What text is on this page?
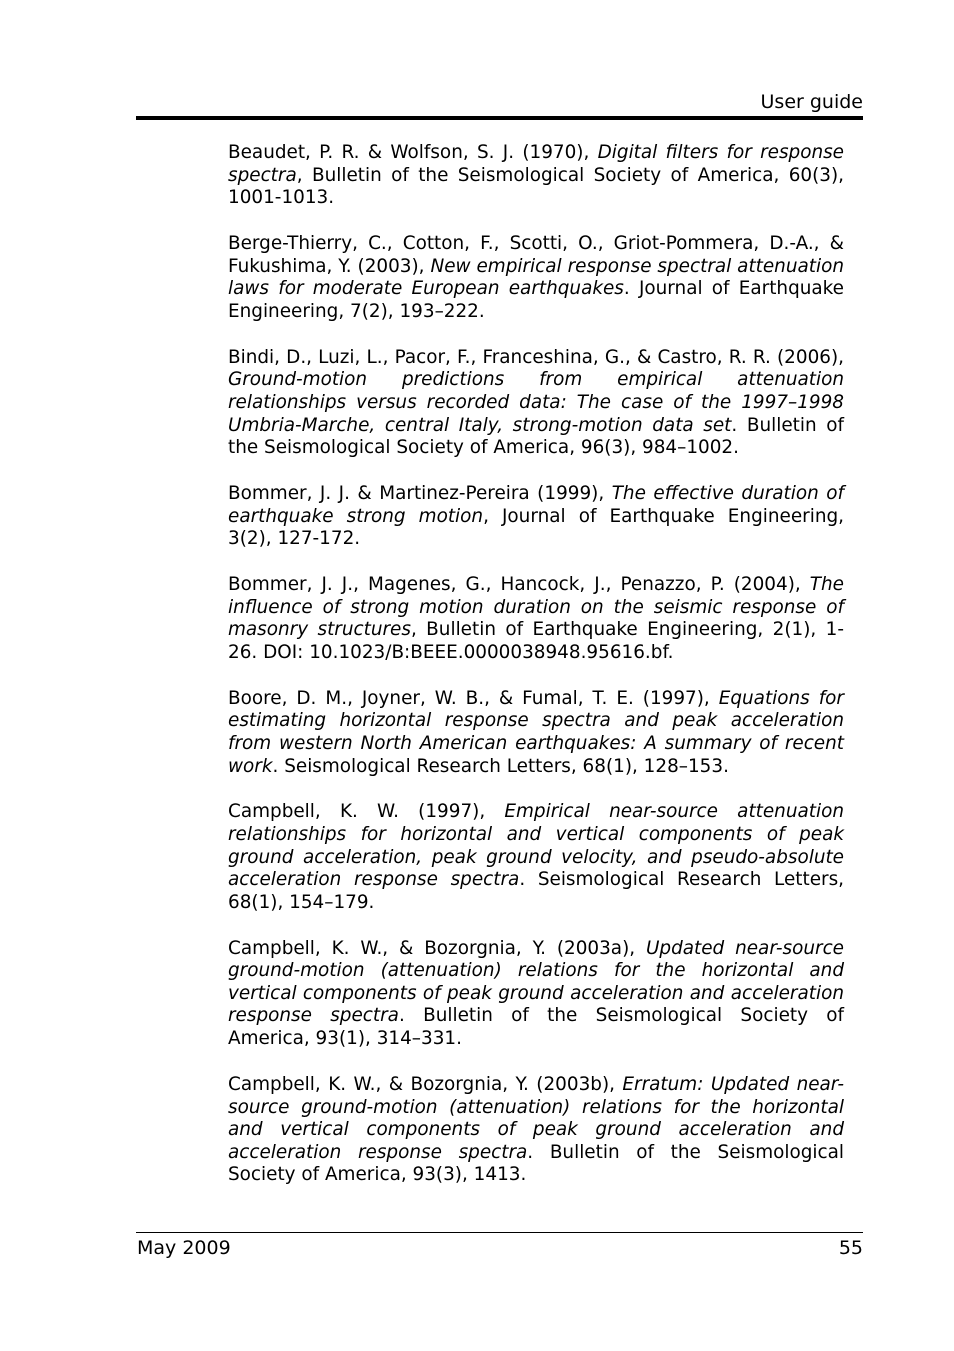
User guide

Beaudet, P. R. & Wolfson, S. J. (1970), Digital filters for response spectra, Bulletin of the Seismological Society of America, 60(3), 1001-1013.

Berge-Thierry, C., Cotton, F., Scotti, O., Griot-Pommera, D.-A., & Fukushima, Y. (2003), New empirical response spectral attenuation laws for moderate European earthquakes. Journal of Earthquake Engineering, 7(2), 193–222.

Bindi, D., Luzi, L., Pacor, F., Franceshina, G., & Castro, R. R. (2006), Ground-motion predictions from empirical attenuation relationships versus recorded data: The case of the 1997–1998 Umbria-Marche, central Italy, strong-motion data set. Bulletin of the Seismological Society of America, 96(3), 984–1002.

Bommer, J. J. & Martinez-Pereira (1999), The effective duration of earthquake strong motion, Journal of Earthquake Engineering, 3(2), 127-172.

Bommer, J. J., Magenes, G., Hancock, J., Penazzo, P. (2004), The influence of strong motion duration on the seismic response of masonry structures, Bulletin of Earthquake Engineering, 2(1), 1-26. DOI: 10.1023/B:BEEE.0000038948.95616.bf.

Boore, D. M., Joyner, W. B., & Fumal, T. E. (1997), Equations for estimating horizontal response spectra and peak acceleration from western North American earthquakes: A summary of recent work. Seismological Research Letters, 68(1), 128–153.

Campbell, K. W. (1997), Empirical near-source attenuation relationships for horizontal and vertical components of peak ground acceleration, peak ground velocity, and pseudo-absolute acceleration response spectra. Seismological Research Letters, 68(1), 154–179.

Campbell, K. W., & Bozorgnia, Y. (2003a), Updated near-source ground-motion (attenuation) relations for the horizontal and vertical components of peak ground acceleration and acceleration response spectra. Bulletin of the Seismological Society of America, 93(1), 314–331.

Campbell, K. W., & Bozorgnia, Y. (2003b), Erratum: Updated near-source ground-motion (attenuation) relations for the horizontal and vertical components of peak ground acceleration and acceleration response spectra. Bulletin of the Seismological Society of America, 93(3), 1413.

May 2009	55
